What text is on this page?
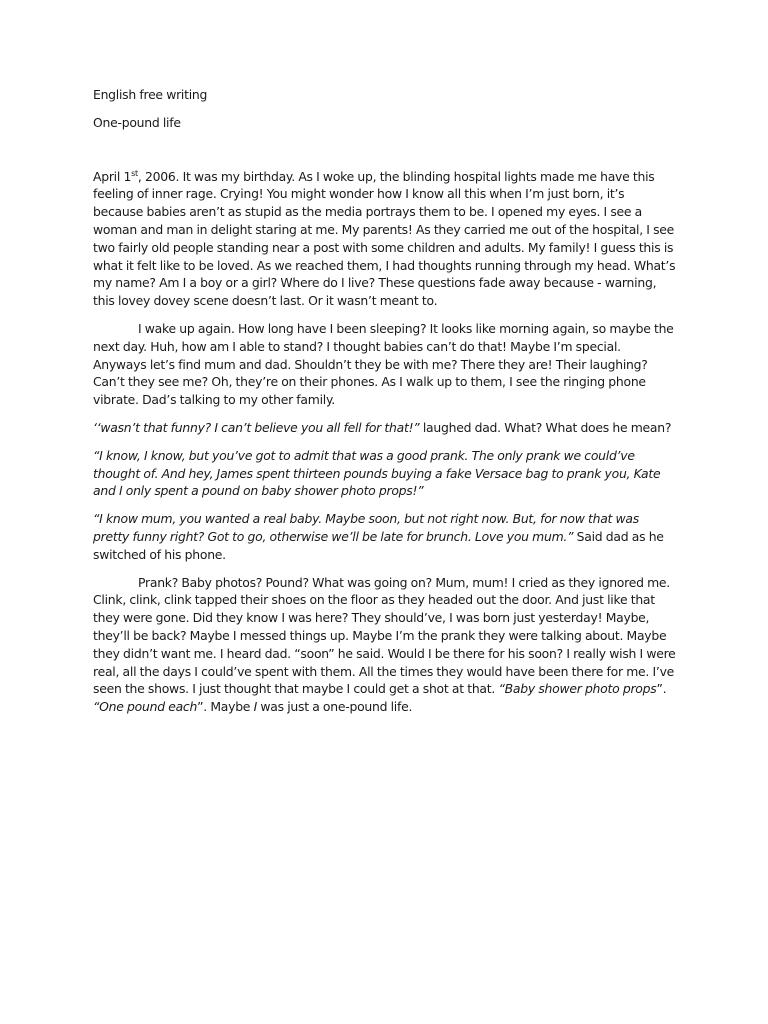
English free writing
One-pound life

April 1st, 2006. It was my birthday. As I woke up, the blinding hospital lights made me have this feeling of inner rage. Crying! You might wonder how I know all this when I’m just born, it’s because babies aren’t as stupid as the media portrays them to be. I opened my eyes. I see a woman and man in delight staring at me. My parents! As they carried me out of the hospital, I see two fairly old people standing near a post with some children and adults. My family! I guess this is what it felt like to be loved. As we reached them, I had thoughts running through my head. What’s my name? Am I a boy or a girl? Where do I live? These questions fade away because - warning, this lovey dovey scene doesn’t last. Or it wasn’t meant to.

I wake up again. How long have I been sleeping? It looks like morning again, so maybe the next day. Huh, how am I able to stand? I thought babies can’t do that! Maybe I’m special. Anyways let’s find mum and dad. Shouldn’t they be with me? There they are! Their laughing? Can’t they see me? Oh, they’re on their phones. As I walk up to them, I see the ringing phone vibrate. Dad’s talking to my other family.

‘‘wasn’t that funny? I can’t believe you all fell for that!” laughed dad. What? What does he mean?

“I know, I know, but you’ve got to admit that was a good prank. The only prank we could’ve thought of. And hey, James spent thirteen pounds buying a fake Versace bag to prank you, Kate and I only spent a pound on baby shower photo props!”

“I know mum, you wanted a real baby. Maybe soon, but not right now. But, for now that was pretty funny right? Got to go, otherwise we’ll be late for brunch. Love you mum.” Said dad as he switched of his phone.

Prank? Baby photos? Pound? What was going on? Mum, mum! I cried as they ignored me. Clink, clink, clink tapped their shoes on the floor as they headed out the door. And just like that they were gone. Did they know I was here? They should’ve, I was born just yesterday! Maybe, they’ll be back? Maybe I messed things up. Maybe I’m the prank they were talking about. Maybe they didn’t want me. I heard dad. “soon” he said. Would I be there for his soon? I really wish I were real, all the days I could’ve spent with them. All the times they would have been there for me. I’ve seen the shows. I just thought that maybe I could get a shot at that. “Baby shower photo props”. “One pound each”. Maybe I was just a one-pound life.
